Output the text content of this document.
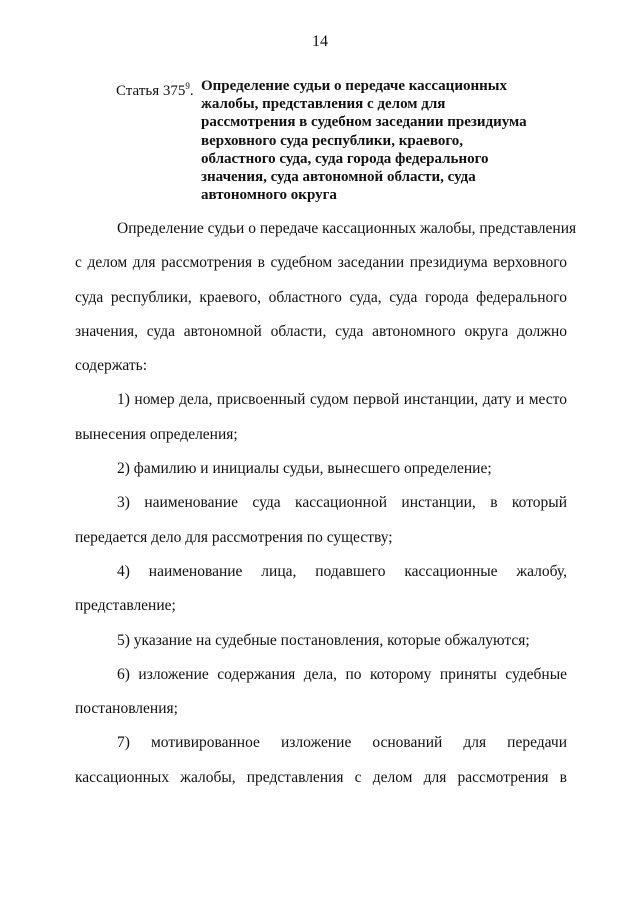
14
Статья $375^9$. Определение судьи о передаче кассационных
жалобы, представления с делом для
рассмотрения в судебном заседании президиума
верховного суда республики, краевого,
областного суда, суда города федерального
значения, суда автономной области, суда
автономного округа
Определение судьи о передаче кассационных жалобы, представления
с делом для рассмотрения в судебном заседании президиума верховного
суда республики, краевого, областного суда, суда города федерального
значения, суда автономной области, суда автономного округа должно
содержать:
1) номер дела, присвоенный судом первой инстанции, дату и место
вынесения определения;
2) фамилию и инициалы судьи, вынесшего определение;
3) наименование суда кассационной инстанции, в который
передается дело для рассмотрения по существу;
4) наименование лица, подавшего кассационные жалобу,
представление;
5) указание на судебные постановления, которые обжалуются;
6) изложение содержания дела, по которому приняты судебные
постановления;
7) мотивированное изложение оснований для передачи
кассационных жалобы, представления с делом для рассмотрения в
